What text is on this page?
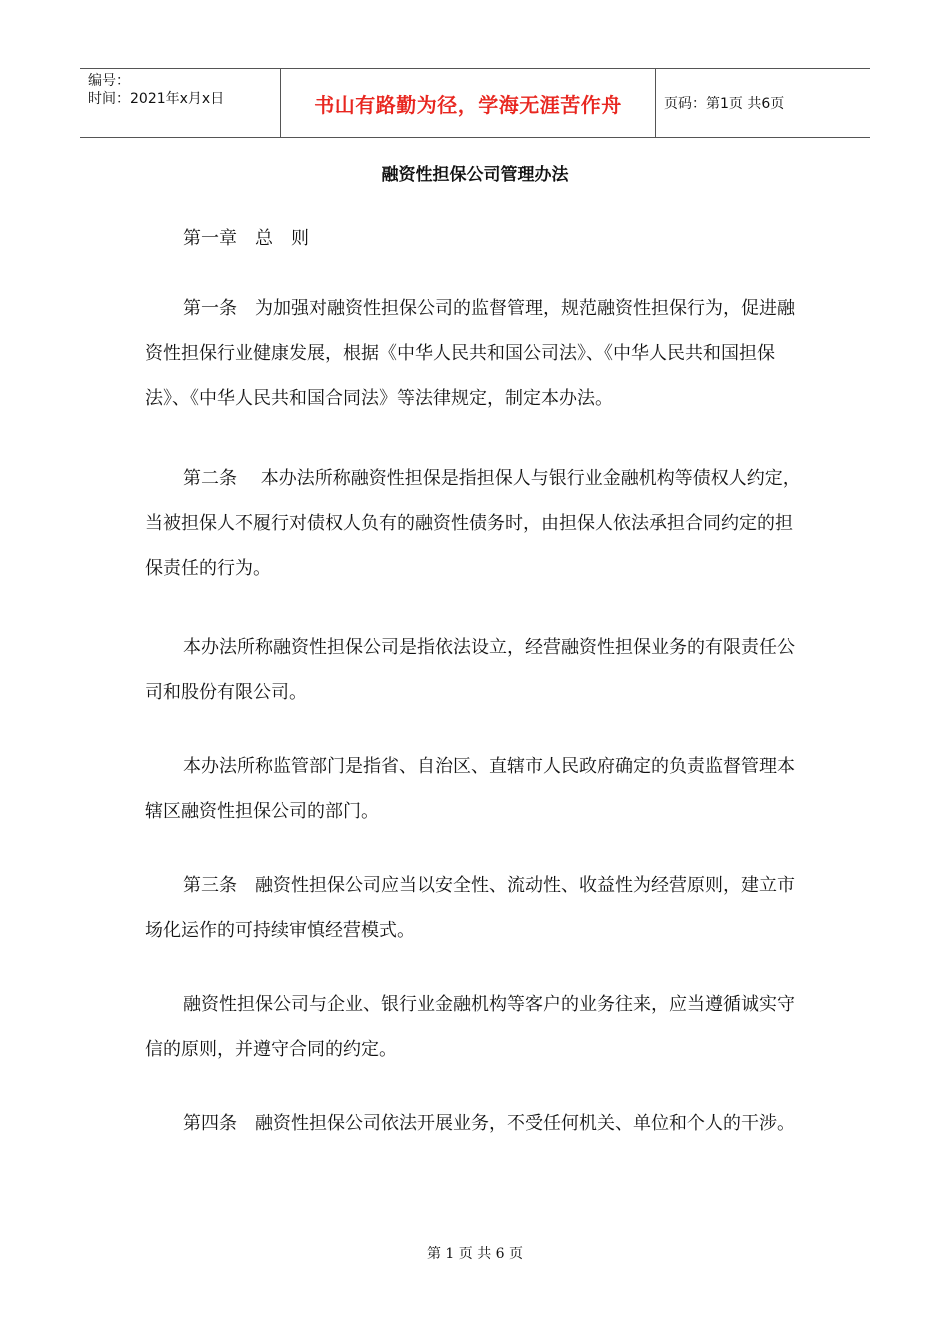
编号：
时间：2021年x月x日	书山有路勤为径，学海无涯苦作舟	页码：第1页 共6页
融资性担保公司管理办法
第一章　总　则

第一条　为加强对融资性担保公司的监督管理，规范融资性担保行为，促进融资性担保行业健康发展，根据《中华人民共和国公司法》、《中华人民共和国担保法》、《中华人民共和国合同法》等法律规定，制定本办法。

第二条　 本办法所称融资性担保是指担保人与银行业金融机构等债权人约定，当被担保人不履行对债权人负有的融资性债务时，由担保人依法承担合同约定的担保责任的行为。

本办法所称融资性担保公司是指依法设立，经营融资性担保业务的有限责任公司和股份有限公司。

本办法所称监管部门是指省、自治区、直辖市人民政府确定的负责监督管理本辖区融资性担保公司的部门。

第三条　融资性担保公司应当以安全性、流动性、收益性为经营原则，建立市场化运作的可持续审慎经营模式。

融资性担保公司与企业、银行业金融机构等客户的业务往来，应当遵循诚实守信的原则，并遵守合同的约定。

第四条　融资性担保公司依法开展业务，不受任何机关、单位和个人的干涉。

第 1 页 共 6 页
